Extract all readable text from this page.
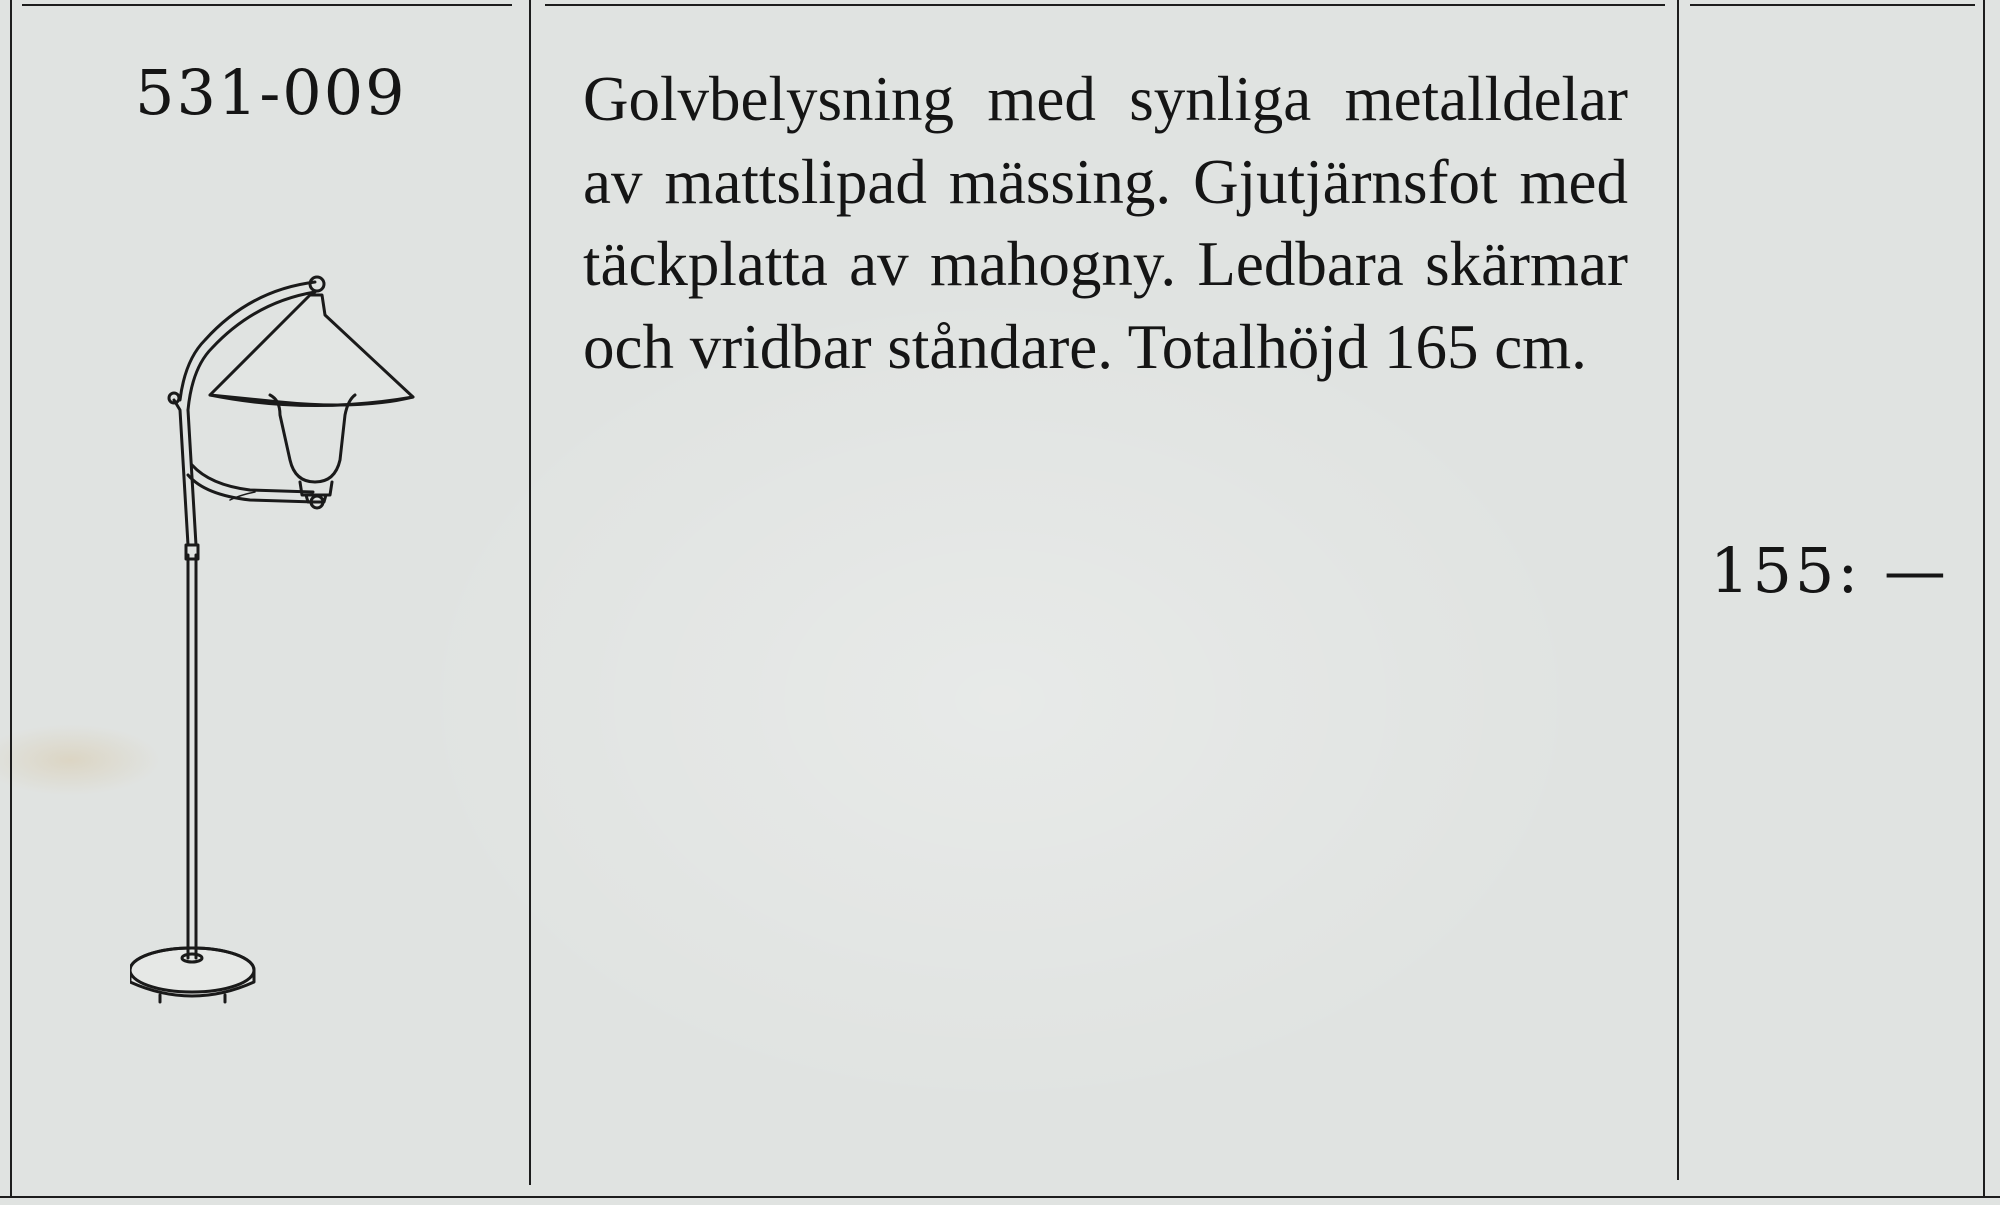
531-009	Golvbelysning med synliga metalldelar av mattslipad mässing. Gjutjärnsfot med täckplatta av mahogny. Ledbara skärmar och vridbar ståndare. Totalhöjd 165 cm.

155: —
